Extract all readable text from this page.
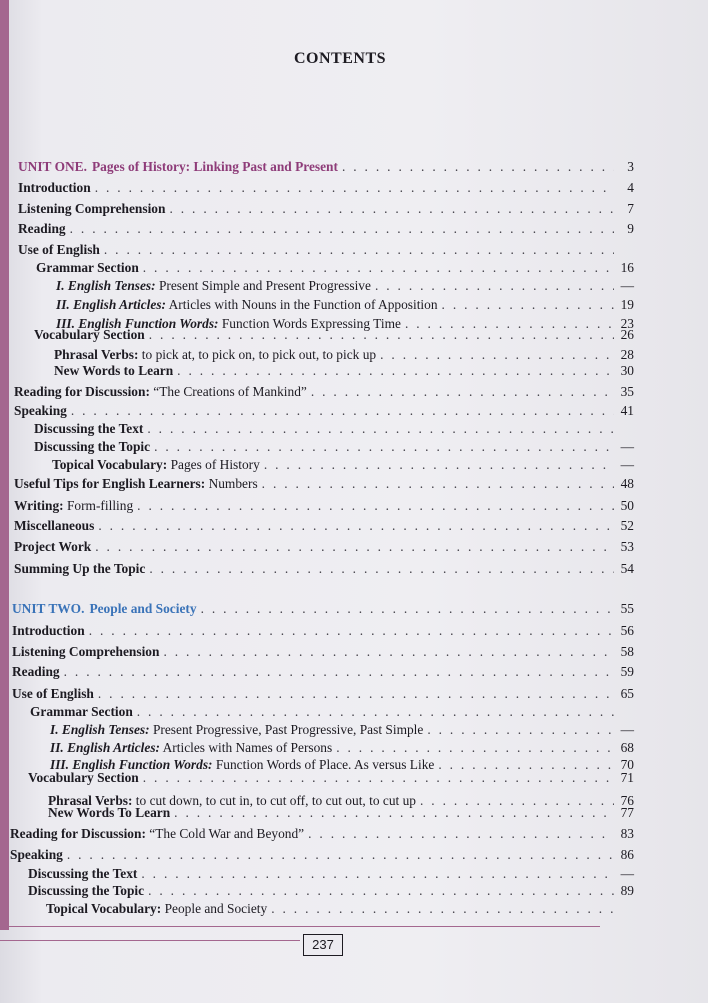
CONTENTS
UNIT ONE. Pages of History: Linking Past and Present . . .	3
Introduction . . .	4
Listening Comprehension . . .	7
Reading . . .	9
Use of English
. . .
Grammar Section . . .	16
I. English Tenses: Present Simple and Present Progressive . . .	—
II. English Articles: Articles with Nouns in the Function of Apposition . . .	19
III. English Function Words: Function Words Expressing Time . . .	23
Vocabulary Section . . .	26
Phrasal Verbs: to pick at, to pick on, to pick out, to pick up . . .	28
New Words to Learn . . .	30
Reading for Discussion: “The Creations of Mankind” . . .	35
Speaking . . .	41
Discussing the Text
. . .
Discussing the Topic . . .	—
Topical Vocabulary: Pages of History . . .	—
Useful Tips for English Learners: Numbers . . .	48
Writing: Form-filling . . .	50
Miscellaneous . . .	52
Project Work . . .	53
Summing Up the Topic . . .	54
UNIT TWO. People and Society . . .	55
Introduction . . .	56
Listening Comprehension . . .	58
Reading . . .	59
Use of English . . .	65
Grammar Section
. . .
I. English Tenses: Present Progressive, Past Progressive, Past Simple . . .	—
II. English Articles: Articles with Names of Persons . . .	68
III. English Function Words: Function Words of Place. As versus Like . . .	70
Vocabulary Section . . .	71
Phrasal Verbs: to cut down, to cut in, to cut off, to cut out, to cut up . . .	76
New Words To Learn . . .	77
Reading for Discussion: “The Cold War and Beyond” . . .	83
Speaking . . .	86
Discussing the Text . . .	—
Discussing the Topic . . .	89
Topical Vocabulary: People and Society
. . .
237
